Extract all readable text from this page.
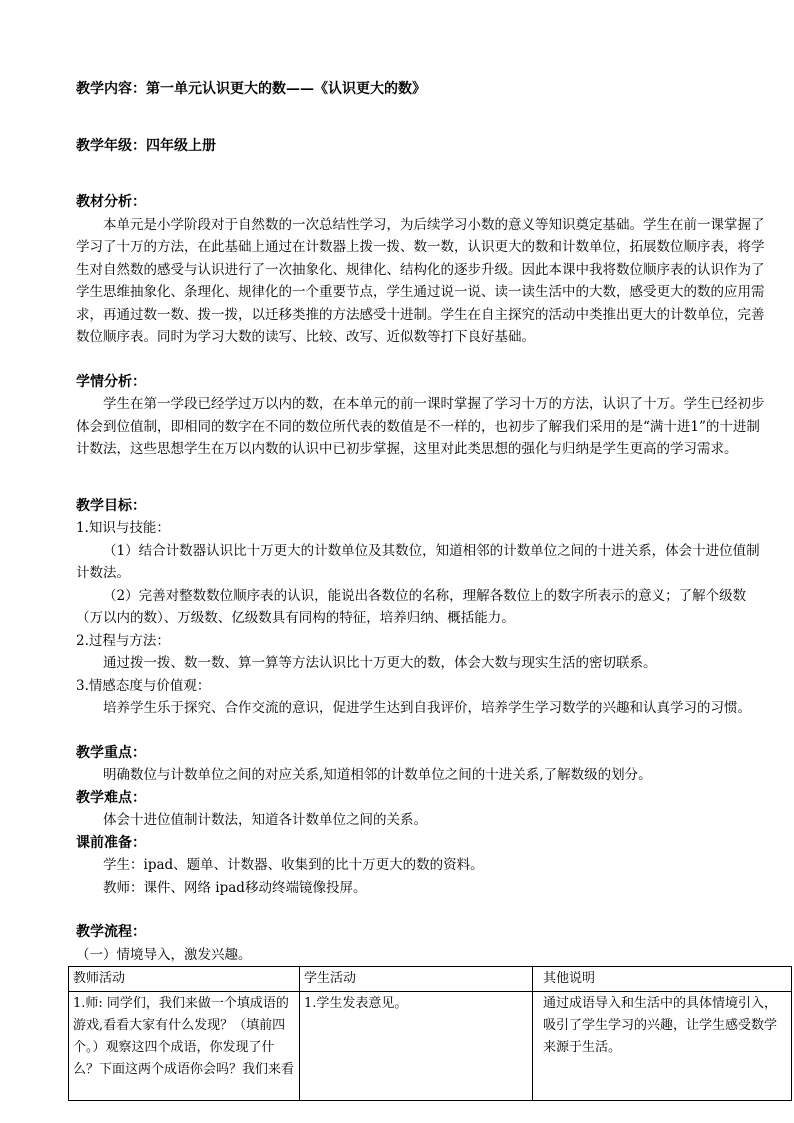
教学内容：第一单元认识更大的数——《认识更大的数》

教学年级：四年级上册

教材分析：

本单元是小学阶段对于自然数的一次总结性学习，为后续学习小数的意义等知识奠定基础。学生在前一课掌握了学习了十万的方法，在此基础上通过在计数器上拨一拨、数一数，认识更大的数和计数单位，拓展数位顺序表，将学生对自然数的感受与认识进行了一次抽象化、规律化、结构化的逐步升级。因此本课中我将数位顺序表的认识作为了学生思维抽象化、条理化、规律化的一个重要节点，学生通过说一说、读一读生活中的大数，感受更大的数的应用需求，再通过数一数、拨一拨，以迁移类推的方法感受十进制。学生在自主探究的活动中类推出更大的计数单位，完善数位顺序表。同时为学习大数的读写、比较、改写、近似数等打下良好基础。

学情分析：

学生在第一学段已经学过万以内的数，在本单元的前一课时掌握了学习十万的方法，认识了十万。学生已经初步体会到位值制，即相同的数字在不同的数位所代表的数值是不一样的，也初步了解我们采用的是“满十进1”的十进制计数法，这些思想学生在万以内数的认识中已初步掌握，这里对此类思想的强化与归纳是学生更高的学习需求。

教学目标：

1.知识与技能：

（1）结合计数器认识比十万更大的计数单位及其数位，知道相邻的计数单位之间的十进关系，体会十进位值制计数法。

（2）完善对整数数位顺序表的认识，能说出各数位的名称，理解各数位上的数字所表示的意义；了解个级数（万以内的数）、万级数、亿级数具有同构的特征，培养归纳、概括能力。

2.过程与方法：

通过拨一拨、数一数、算一算等方法认识比十万更大的数，体会大数与现实生活的密切联系。

3.情感态度与价值观：

培养学生乐于探究、合作交流的意识，促进学生达到自我评价，培养学生学习数学的兴趣和认真学习的习惯。

教学重点：

明确数位与计数单位之间的对应关系,知道相邻的计数单位之间的十进关系,了解数级的划分。

教学难点：

体会十进位值制计数法，知道各计数单位之间的关系。

课前准备：

学生：ipad、题单、计数器、收集到的比十万更大的数的资料。

教师：课件、网络 ipad移动终端镜像投屏。

教学流程：

（一）情境导入，激发兴趣。

教师活动	学生活动	其他说明
1.师: 同学们，我们来做一个填成语的游戏,看看大家有什么发现？（填前四个。）观察这四个成语，你发现了什么？下面这两个成语你会吗？我们来看	1.学生发表意见。	通过成语导入和生活中的具体情境引入，吸引了学生学习的兴趣，让学生感受数学来源于生活。
